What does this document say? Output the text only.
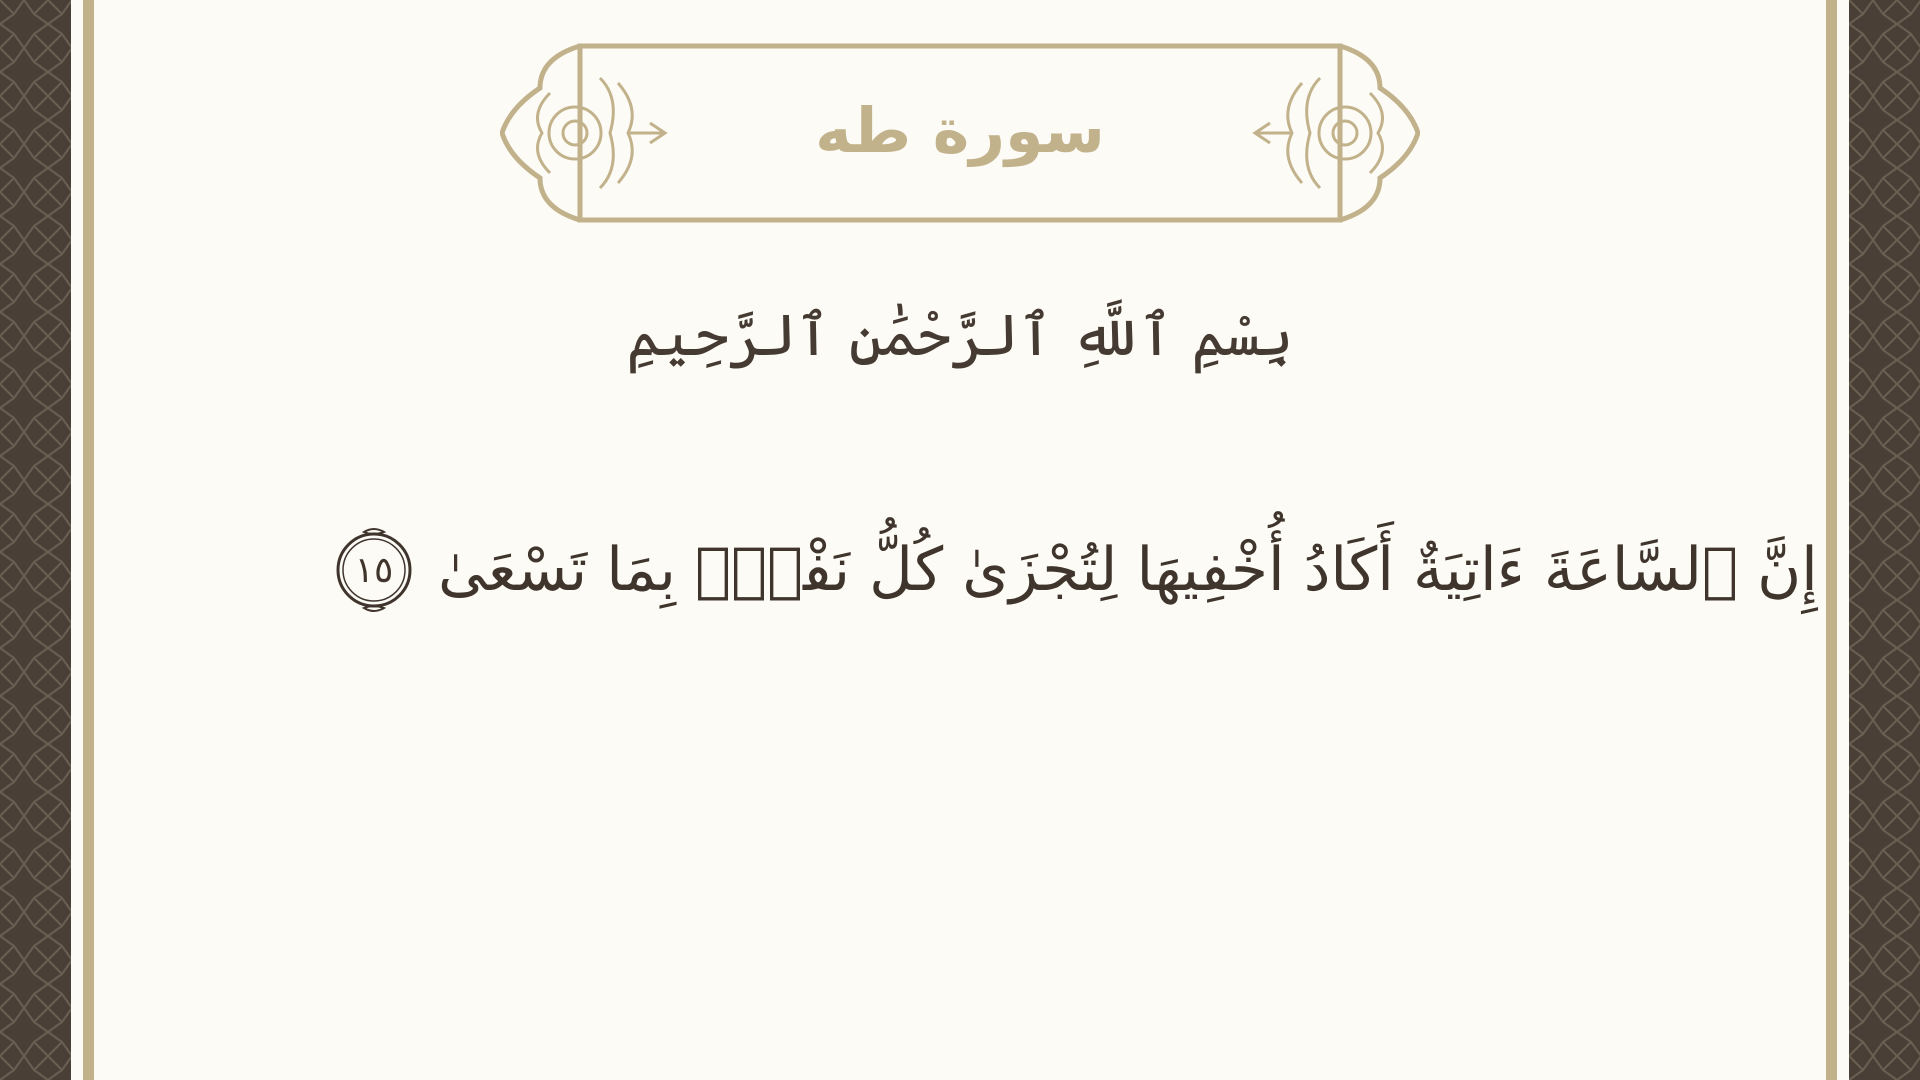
سورة طه
بِسْمِ ٱللَّهِ ٱلرَّحْمَٰنِ ٱلرَّحِيمِ
إِنَّ ٱلسَّاعَةَ ءَاتِيَةٌ أَكَادُ أُخْفِيهَا لِتُجْزَىٰ كُلُّ نَفْسٍۭ بِمَا تَسْعَىٰ
١٥
